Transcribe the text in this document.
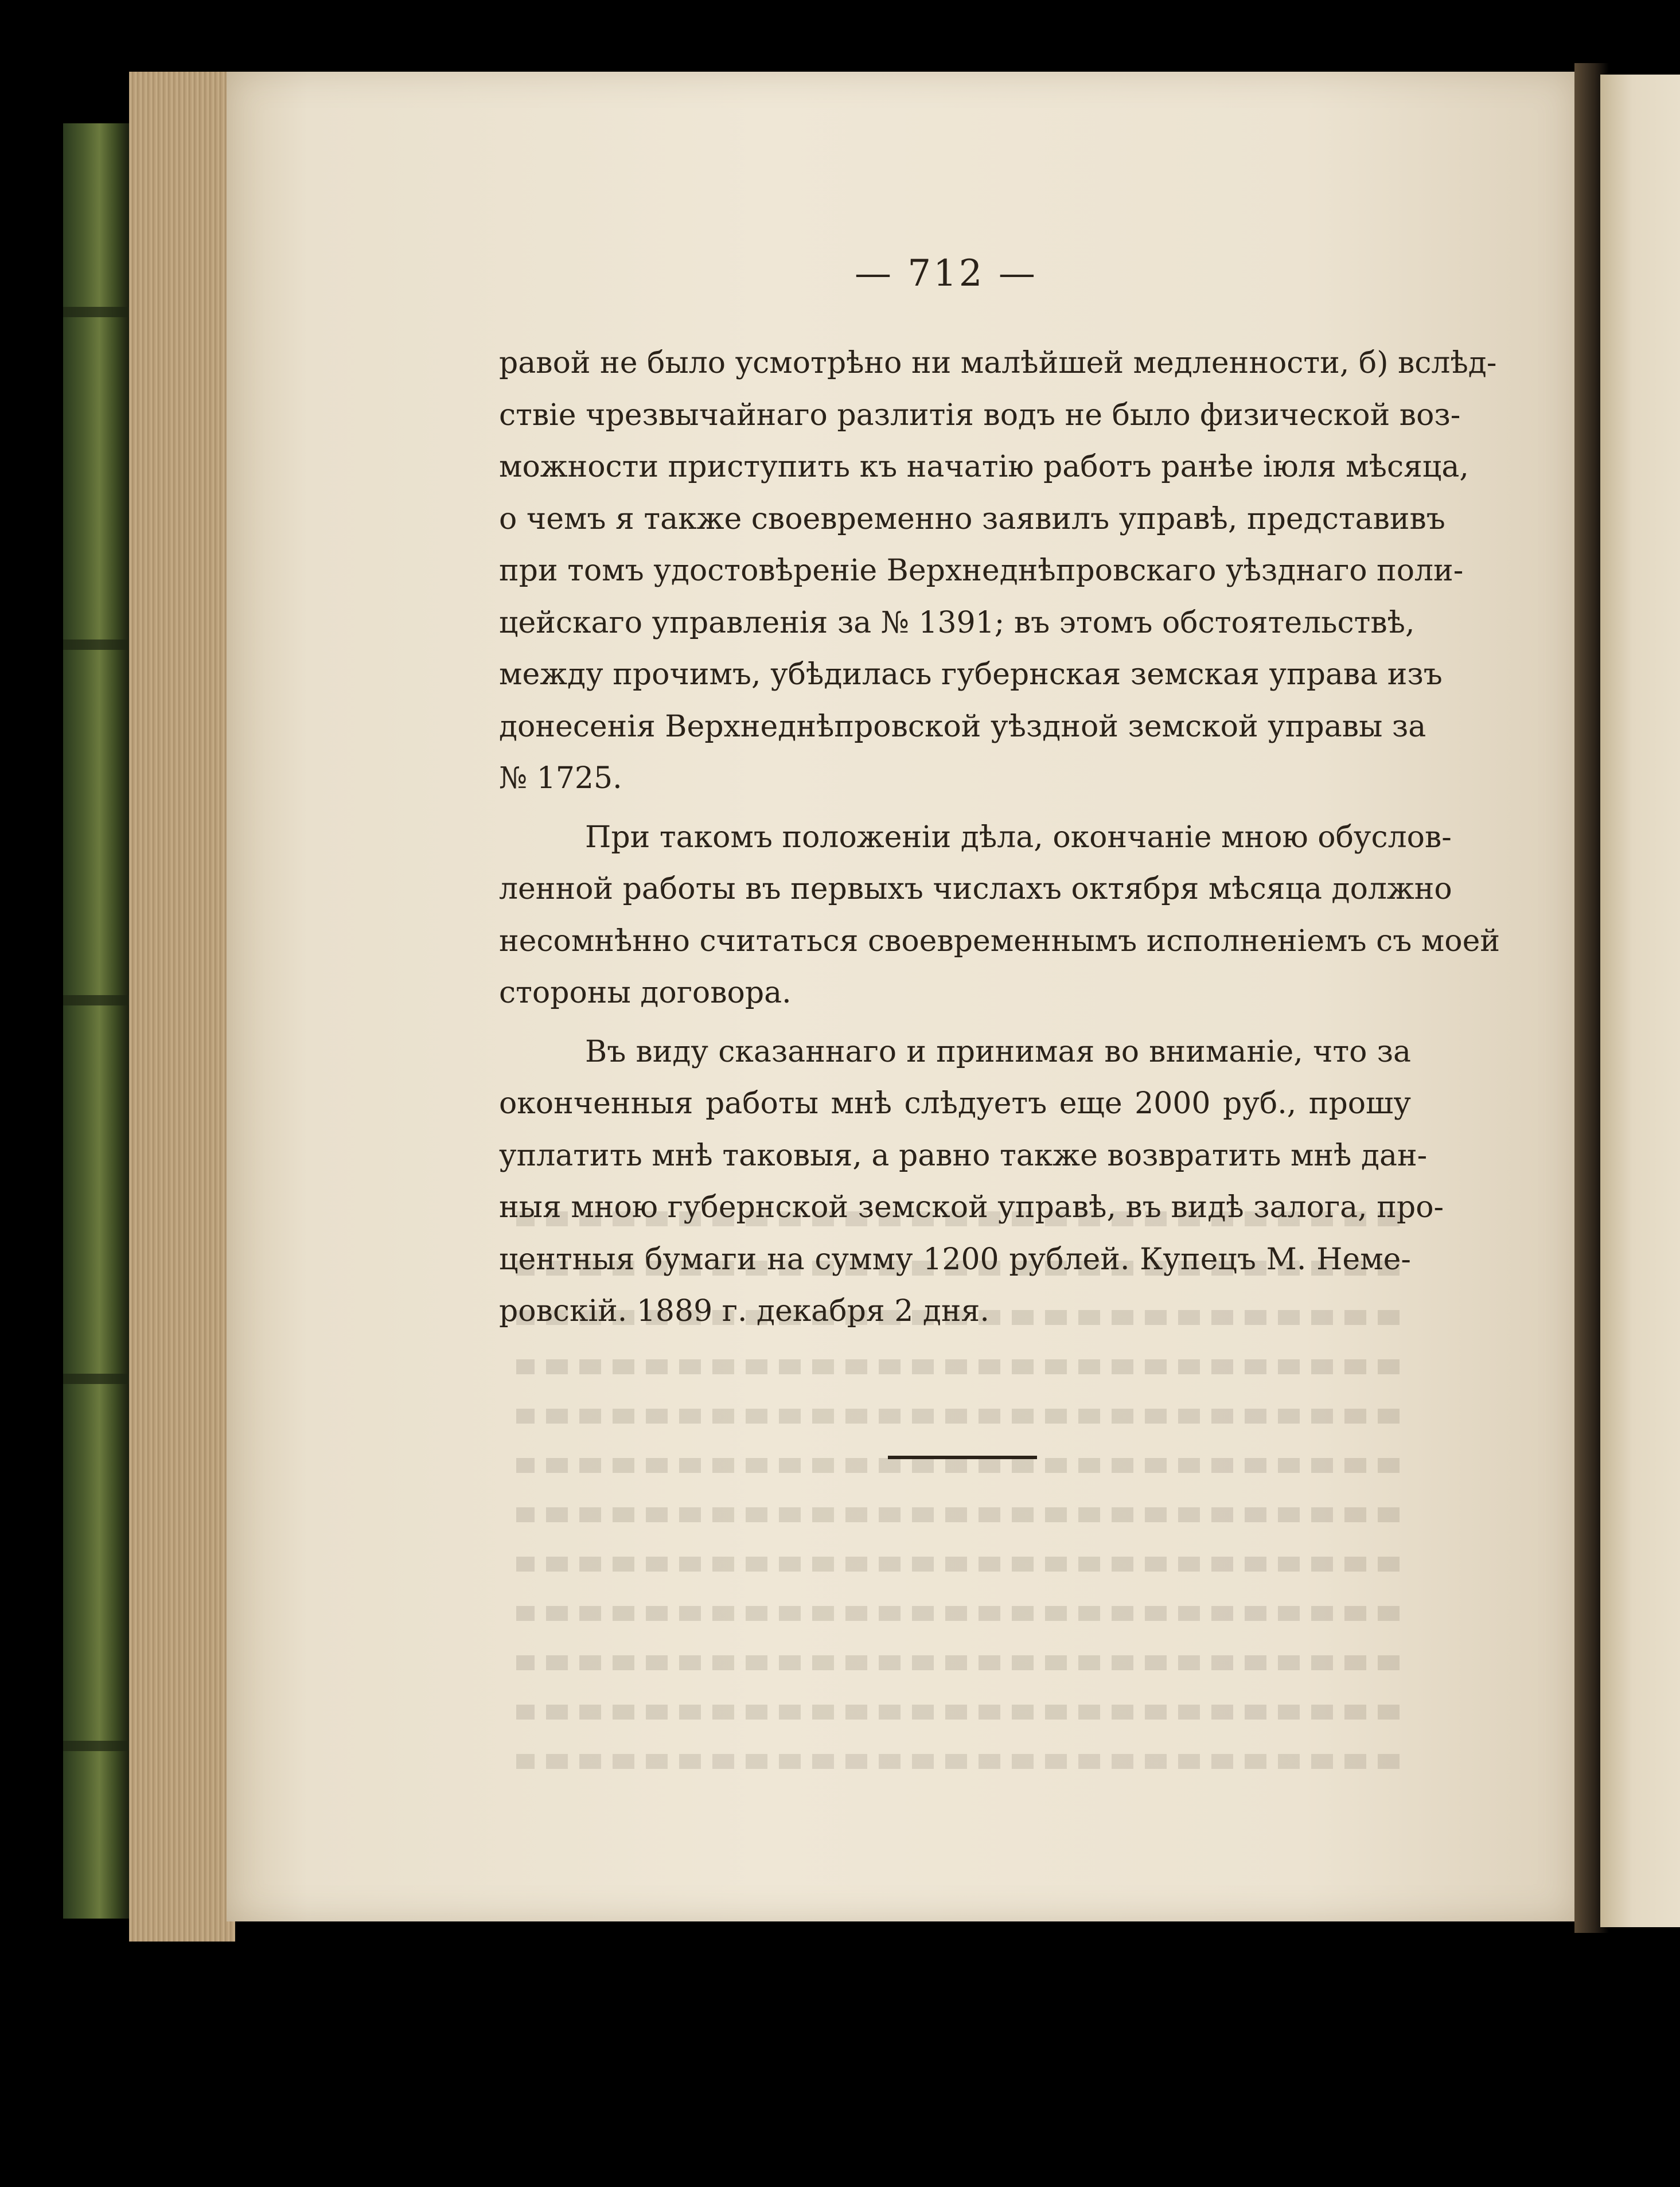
— 712 —
равой не было усмотрѣно ни малѣйшей медленности, б) вслѣд-
ствіе чрезвычайнаго разлитія водъ не было физической воз-
можности приступить къ начатію работъ ранѣе іюля мѣсяца,
о чемъ я также своевременно заявилъ управѣ, представивъ
при томъ удостовѣреніе Верхнеднѣпровскаго уѣзднаго поли-
цейскаго управленія за № 1391; въ этомъ обстоятельствѣ,
между прочимъ, убѣдилась губернская земская управа изъ
донесенія Верхнеднѣпровской уѣздной земской управы за
№ 1725.
При такомъ положеніи дѣла, окончаніе мною обуслов-
ленной работы въ первыхъ числахъ октября мѣсяца должно
несомнѣнно считаться своевременнымъ исполненіемъ съ моей
стороны договора.
Въ виду сказаннаго и принимая во вниманіе, что за
оконченныя работы мнѣ слѣдуетъ еще 2000 руб., прошу
уплатить мнѣ таковыя, а равно также возвратить мнѣ дан-
ныя мною губернской земской управѣ, въ видѣ залога, про-
центныя бумаги на сумму 1200 рублей. Купецъ М. Неме-
ровскій. 1889 г. декабря 2 дня.
